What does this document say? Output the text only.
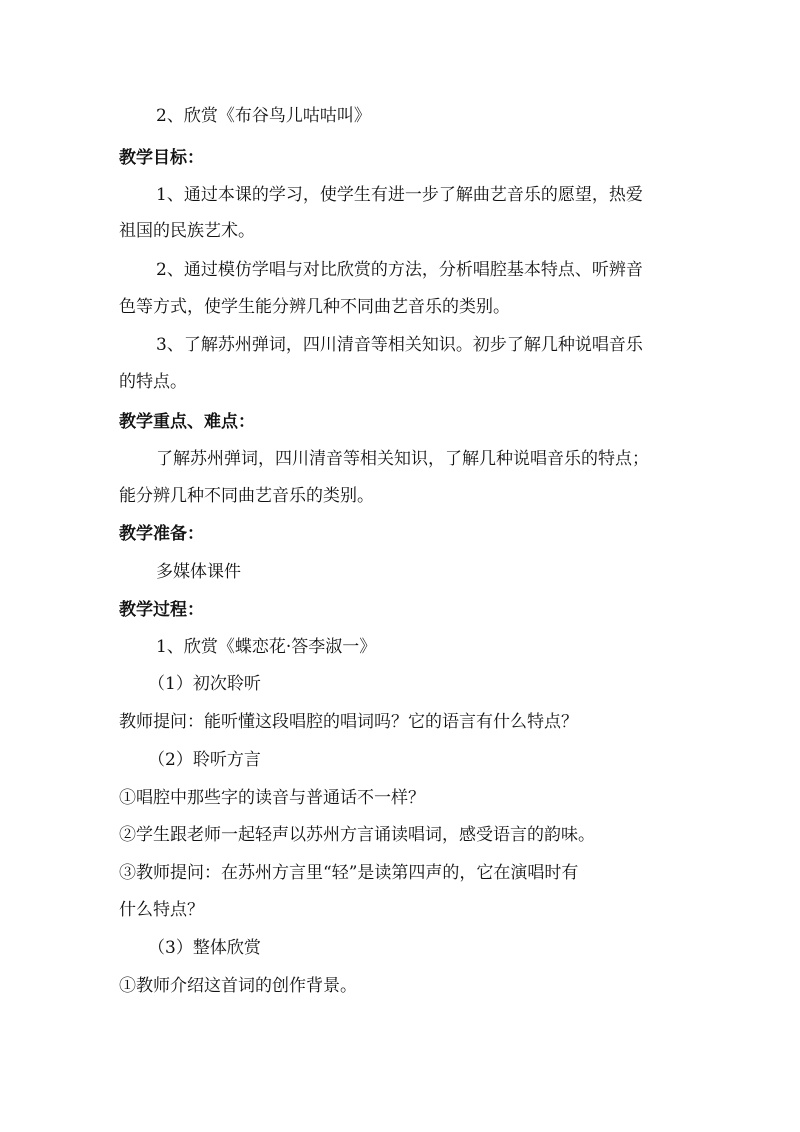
2、欣赏《布谷鸟儿咕咕叫》
教学目标：
1、通过本课的学习，使学生有进一步了解曲艺音乐的愿望，热爱
祖国的民族艺术。
2、通过模仿学唱与对比欣赏的方法，分析唱腔基本特点、听辨音
色等方式，使学生能分辨几种不同曲艺音乐的类别。
3、了解苏州弹词，四川清音等相关知识。初步了解几种说唱音乐
的特点。
教学重点、难点：
了解苏州弹词，四川清音等相关知识，了解几种说唱音乐的特点；
能分辨几种不同曲艺音乐的类别。
教学准备：
多媒体课件
教学过程：
1、欣赏《蝶恋花·答李淑一》
（1）初次聆听
教师提问：能听懂这段唱腔的唱词吗？它的语言有什么特点？
（2）聆听方言
①唱腔中那些字的读音与普通话不一样？
②学生跟老师一起轻声以苏州方言诵读唱词，感受语言的韵味。
③教师提问：在苏州方言里“轻”是读第四声的，它在演唱时有
什么特点？
（3）整体欣赏
①教师介绍这首词的创作背景。
